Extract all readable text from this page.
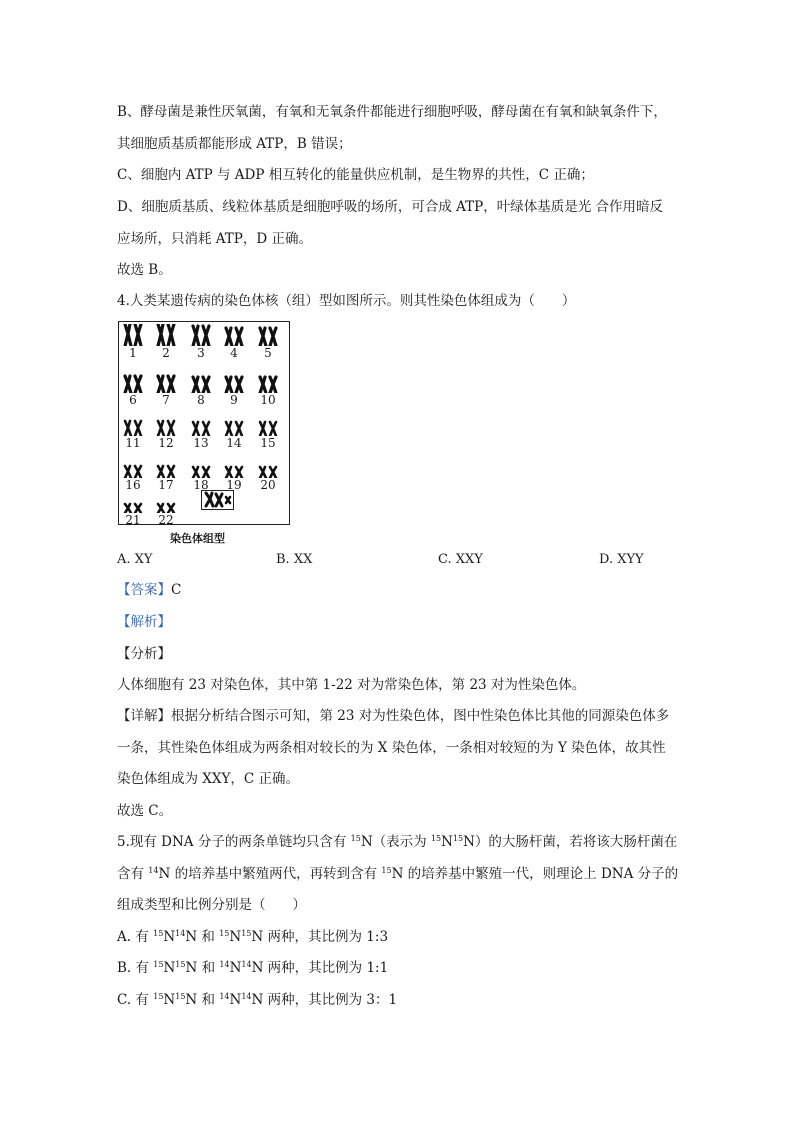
B、酵母菌是兼性厌氧菌，有氧和无氧条件都能进行细胞呼吸，酵母菌在有氧和缺氧条件下，
其细胞质基质都能形成 ATP，B 错误；
C、细胞内 ATP 与 ADP 相互转化的能量供应机制，是生物界的共性，C 正确；
D、细胞质基质、线粒体基质是细胞呼吸的场所，可合成 ATP，叶绿体基质是光 合作用暗反
应场所，只消耗 ATP，D 正确。
故选 B。
4.人类某遗传病的染色体核（组）型如图所示。则其性染色体组成为（　　）
1	2	3	4	5
6	7	8	9	10
11	12	13	14	15
16	17	18	19	20
21	22
染色体组型
A. XY	B. XX	C. XXY	D. XYY
【答案】C
【解析】
【分析】
人体细胞有 23 对染色体，其中第 1-22 对为常染色体，第 23 对为性染色体。
【详解】根据分析结合图示可知，第 23 对为性染色体，图中性染色体比其他的同源染色体多
一条，其性染色体组成为两条相对较长的为 X 染色体，一条相对较短的为 Y 染色体，故其性
染色体组成为 XXY，C 正确。
故选 C。
5.现有 DNA 分子的两条单链均只含有 $^{15}$N（表示为 $^{15}N^{15}N$）的大肠杆菌，若将该大肠杆菌在
含有 $^{14}$N 的培养基中繁殖两代，再转到含有 $^{15}$N 的培养基中繁殖一代，则理论上 DNA 分子的
组成类型和比例分别是（　　）
A. 有 $^{15}N^{14}N$ 和 $^{15}N^{15}N$ 两种，其比例为 1:3
B. 有 $^{15}N^{15}N$ 和 $^{14}N^{14}N$ 两种，其比例为 1:1
C. 有 $^{15}N^{15}N$ 和 $^{14}N^{14}N$ 两种，其比例为 3：1
